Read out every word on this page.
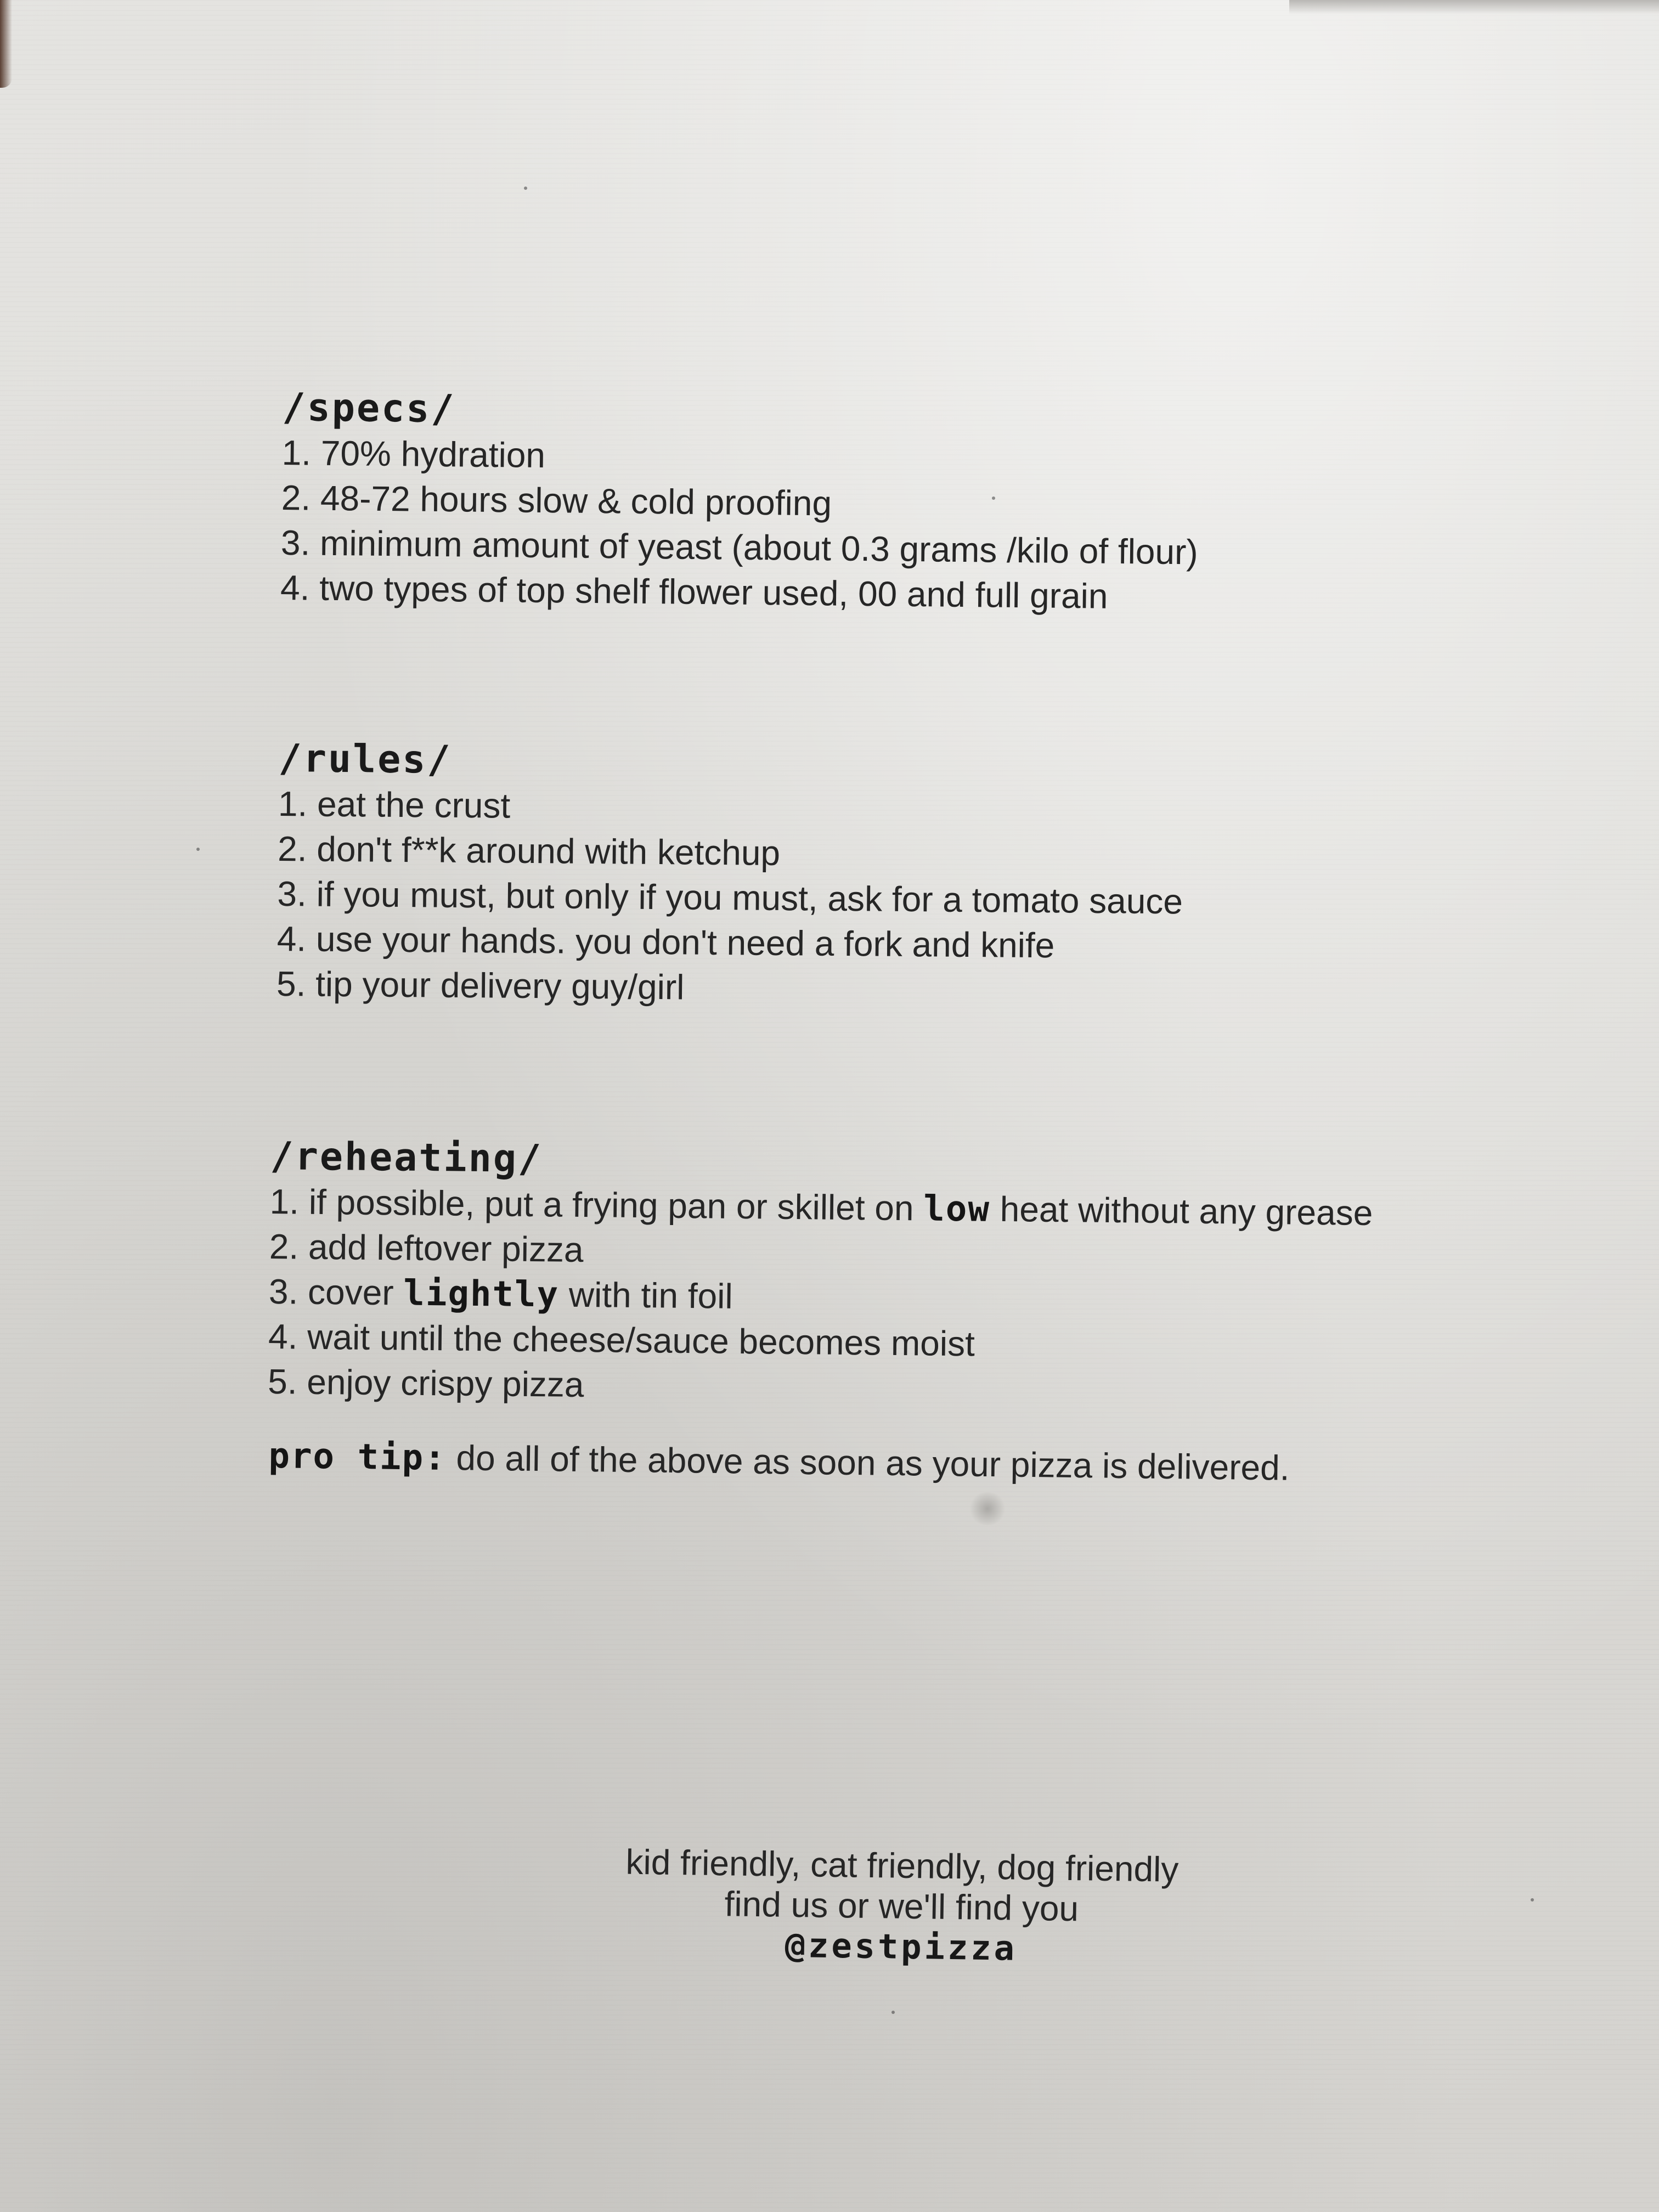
/specs/
1. 70% hydration
2. 48-72 hours slow & cold proofing
3. minimum amount of yeast (about 0.3 grams /kilo of flour)
4. two types of top shelf flower used, 00 and full grain
/rules/
1. eat the crust
2. don't f**k around with ketchup
3. if you must, but only if you must, ask for a tomato sauce
4. use your hands. you don't need a fork and knife
5. tip your delivery guy/girl
/reheating/
1. if possible, put a frying pan or skillet on low heat without any grease
2. add leftover pizza
3. cover lightly with tin foil
4. wait until the cheese/sauce becomes moist
5. enjoy crispy pizza
pro tip: do all of the above as soon as your pizza is delivered.
kid friendly, cat friendly, dog friendly
find us or we'll find you
@zestpizza
